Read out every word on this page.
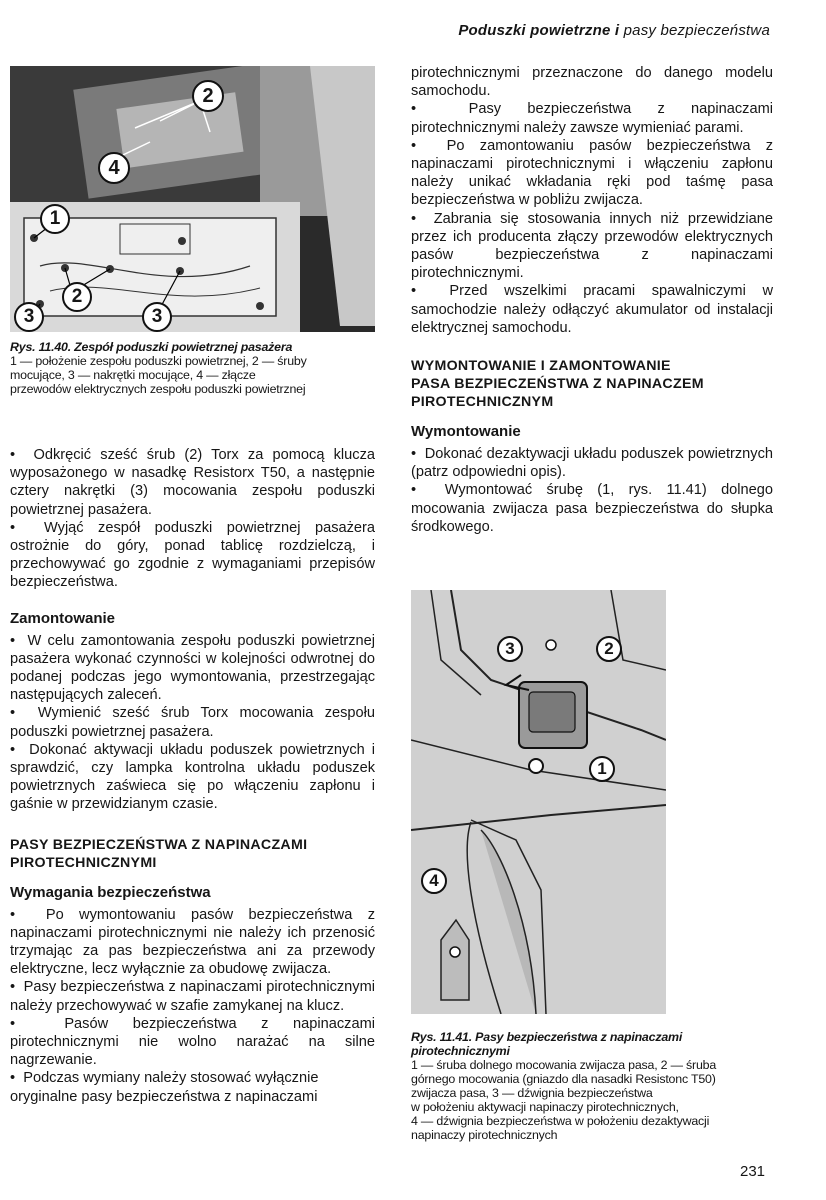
Poduszki powietrzne i pasy bezpieczeństwa
2
4
1
2
3	3
Rys. 11.40. Zespół poduszki powietrznej pasażera
1 — położenie zespołu poduszki powietrznej, 2 — śruby
mocujące, 3 — nakrętki mocujące, 4 — złącze
przewodów elektrycznych zespołu poduszki powietrznej

•  Odkręcić sześć śrub (2) Torx za pomocą klucza wyposażonego w nasadkę Resistorx T50, a następnie cztery nakrętki (3) mocowania zespołu poduszki powietrznej pasażera.

•  Wyjąć zespół poduszki powietrznej pasażera ostrożnie do góry, ponad tablicę rozdzielczą, i przechowywać go zgodnie z wymaganiami przepisów bezpieczeństwa.

Zamontowanie

•  W celu zamontowania zespołu poduszki powietrznej pasażera wykonać czynności w kolejności odwrotnej do podanej podczas jego wymontowania, przestrzegając następujących zaleceń.

•  Wymienić sześć śrub Torx mocowania zespołu poduszki powietrznej pasażera.

•  Dokonać aktywacji układu poduszek powietrznych i sprawdzić, czy lampka kontrolna układu poduszek powietrznych zaświeca się po włączeniu zapłonu i gaśnie w przewidzianym czasie.

PASY BEZPIECZEŃSTWA Z NAPINACZAMI
PIROTECHNICZNYMI

Wymagania bezpieczeństwa

•  Po wymontowaniu pasów bezpieczeństwa z napinaczami pirotechnicznymi nie należy ich przenosić trzymając za pas bezpieczeństwa ani za przewody elektryczne, lecz wyłącznie za obudowę zwijacza.

•  Pasy bezpieczeństwa z napinaczami pirotechnicznymi należy przechowywać w szafie zamykanej na klucz.

•  Pasów bezpieczeństwa z napinaczami pirotechnicznymi nie wolno narażać na silne nagrzewanie.

•  Podczas wymiany należy stosować wyłącznie oryginalne pasy bezpieczeństwa z napinaczami

pirotechnicznymi przeznaczone do danego modelu samochodu.

•  Pasy bezpieczeństwa z napinaczami pirotechnicznymi należy zawsze wymieniać parami.

•  Po zamontowaniu pasów bezpieczeństwa z napinaczami pirotechnicznymi i włączeniu zapłonu należy unikać wkładania ręki pod taśmę pasa bezpieczeństwa w pobliżu zwijacza.

•  Zabrania się stosowania innych niż przewidziane przez ich producenta złączy przewodów elektrycznych pasów bezpieczeństwa z napinaczami pirotechnicznymi.

•  Przed wszelkimi pracami spawalniczymi w samochodzie należy odłączyć akumulator od instalacji elektrycznej samochodu.

WYMONTOWANIE I ZAMONTOWANIE
PASA BEZPIECZEŃSTWA Z NAPINACZEM
PIROTECHNICZNYM

Wymontowanie

•  Dokonać dezaktywacji układu poduszek powietrznych (patrz odpowiedni opis).

•  Wymontować śrubę (1, rys. 11.41) dolnego mocowania zwijacza pasa bezpieczeństwa do słupka środkowego.

3	2
1
4
Rys. 11.41. Pasy bezpieczeństwa z napinaczami
pirotechnicznymi
1 — śruba dolnego mocowania zwijacza pasa, 2 — śruba
górnego mocowania (gniazdo dla nasadki Resistonc T50)
zwijacza pasa, 3 — dźwignia bezpieczeństwa
w położeniu aktywacji napinaczy pirotechnicznych,
4 — dźwignia bezpieczeństwa w położeniu dezaktywacji
napinaczy pirotechnicznych
231
